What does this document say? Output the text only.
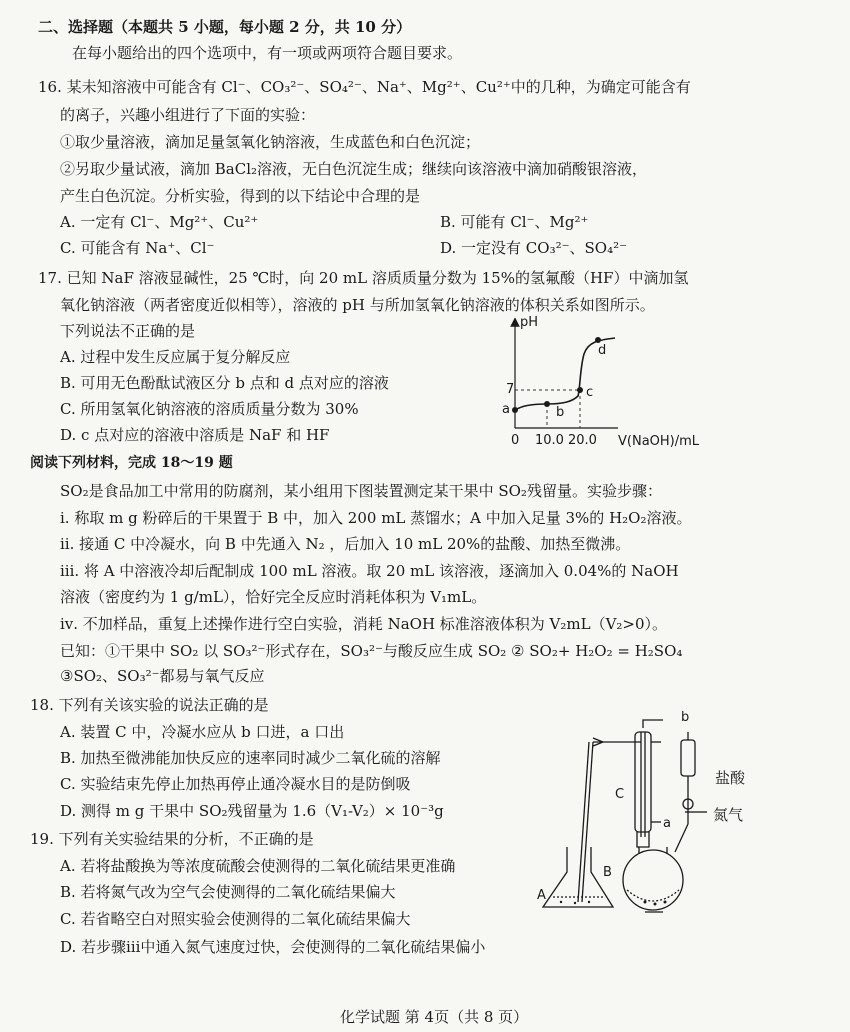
二、选择题（本题共 5 小题，每小题 2 分，共 10 分）
在每小题给出的四个选项中，有一项或两项符合题目要求。
16. 某未知溶液中可能含有 Cl⁻、CO₃²⁻、SO₄²⁻、Na⁺、Mg²⁺、Cu²⁺中的几种，为确定可能含有
的离子，兴趣小组进行了下面的实验：
①取少量溶液，滴加足量氢氧化钠溶液，生成蓝色和白色沉淀；
②另取少量试液，滴加 BaCl₂溶液，无白色沉淀生成；继续向该溶液中滴加硝酸银溶液，
产生白色沉淀。分析实验，得到的以下结论中合理的是
A. 一定有 Cl⁻、Mg²⁺、Cu²⁺	B. 可能有 Cl⁻、Mg²⁺
C. 可能含有 Na⁺、Cl⁻	D. 一定没有 CO₃²⁻、SO₄²⁻
17. 已知 NaF 溶液显碱性，25 ℃时，向 20 mL 溶质质量分数为 15%的氢氟酸（HF）中滴加氢
氧化钠溶液（两者密度近似相等），溶液的 pH 与所加氢氧化钠溶液的体积关系如图所示。
下列说法不正确的是
A. 过程中发生反应属于复分解反应
B. 可用无色酚酞试液区分 b 点和 d 点对应的溶液
C. 所用氢氧化钠溶液的溶质质量分数为 30%
D. c 点对应的溶液中溶质是 NaF 和 HF
pH
7
a	b
c
d
0 10.0 20.0 V(NaOH)/mL
阅读下列材料，完成 18～19 题
SO₂是食品加工中常用的防腐剂，某小组用下图装置测定某干果中 SO₂残留量。实验步骤：
ⅰ. 称取 m g 粉碎后的干果置于 B 中，加入 200 mL 蒸馏水；A 中加入足量 3%的 H₂O₂溶液。
ⅱ. 接通 C 中冷凝水，向 B 中先通入 N₂ ，后加入 10 mL 20%的盐酸、加热至微沸。
ⅲ. 将 A 中溶液冷却后配制成 100 mL 溶液。取 20 mL 该溶液，逐滴加入 0.04%的 NaOH
溶液（密度约为 1 g/mL），恰好完全反应时消耗体积为 V₁mL。
ⅳ. 不加样品，重复上述操作进行空白实验，消耗 NaOH 标准溶液体积为 V₂mL（V₂>0）。
已知：①干果中 SO₂ 以 SO₃²⁻形式存在，SO₃²⁻与酸反应生成 SO₂ ② SO₂+ H₂O₂ = H₂SO₄
③SO₂、SO₃²⁻都易与氧气反应
18. 下列有关该实验的说法正确的是
A. 装置 C 中，冷凝水应从 b 口进，a 口出
B. 加热至微沸能加快反应的速率同时减少二氧化硫的溶解
C. 实验结束先停止加热再停止通冷凝水目的是防倒吸
D. 测得 m g 干果中 SO₂残留量为 1.6（V₁-V₂）× 10⁻³g
19. 下列有关实验结果的分析，不正确的是
A. 若将盐酸换为等浓度硫酸会使测得的二氧化硫结果更准确
B. 若将氮气改为空气会使测得的二氧化硫结果偏大
C. 若省略空白对照实验会使测得的二氧化硫结果偏大
D. 若步骤ⅲ中通入氮气速度过快，会使测得的二氧化硫结果偏小
b
a
盐酸
氮气
C
B
A
化学试题 第 4页（共 8 页）
